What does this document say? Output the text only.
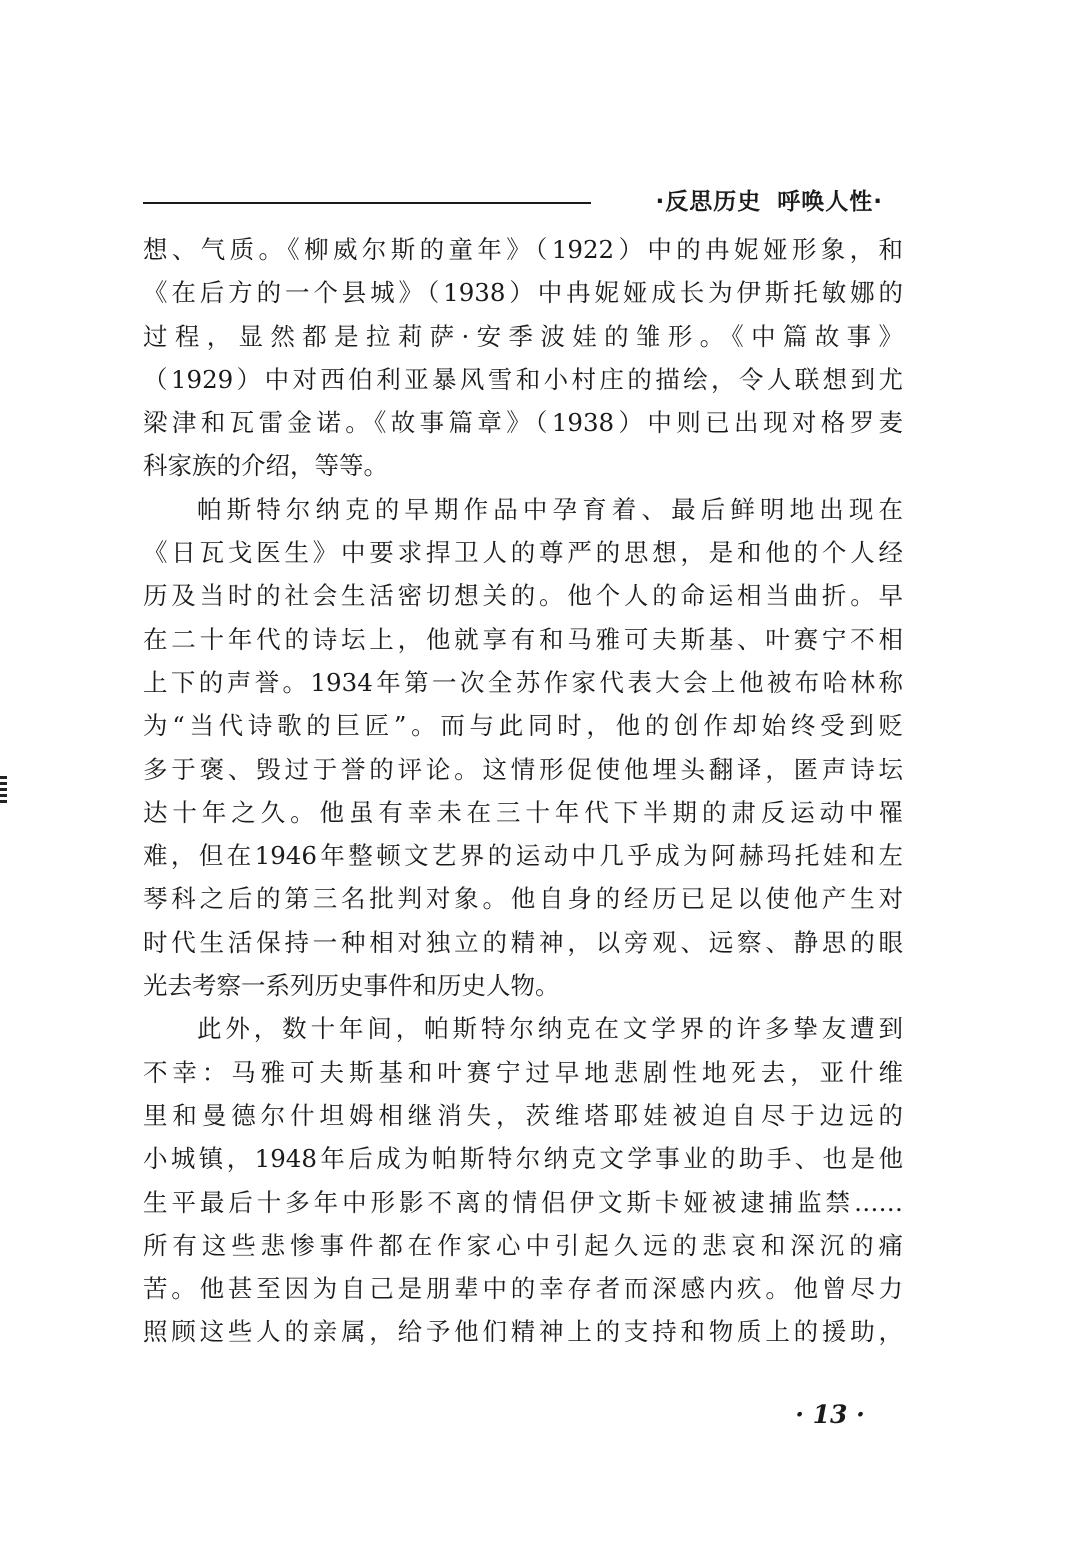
·反思历史 呼唤人性·
想、气质。《柳威尔斯的童年》（1922）中的冉妮娅形象，和
《在后方的一个县城》（1938）中冉妮娅成长为伊斯托敏娜的
过程，显然都是拉莉萨·安季波娃的雏形。《中篇故事》
（1929）中对西伯利亚暴风雪和小村庄的描绘，令人联想到尤
梁津和瓦雷金诺。《故事篇章》（1938）中则已出现对格罗麦
科家族的介绍，等等。
帕斯特尔纳克的早期作品中孕育着、最后鲜明地出现在
《日瓦戈医生》中要求捍卫人的尊严的思想，是和他的个人经
历及当时的社会生活密切想关的。他个人的命运相当曲折。早
在二十年代的诗坛上，他就享有和马雅可夫斯基、叶赛宁不相
上下的声誉。1934年第一次全苏作家代表大会上他被布哈林称
为“当代诗歌的巨匠”。而与此同时，他的创作却始终受到贬
多于褒、毁过于誉的评论。这情形促使他埋头翻译，匿声诗坛
达十年之久。他虽有幸未在三十年代下半期的肃反运动中罹
难，但在1946年整顿文艺界的运动中几乎成为阿赫玛托娃和左
琴科之后的第三名批判对象。他自身的经历已足以使他产生对
时代生活保持一种相对独立的精神，以旁观、远察、静思的眼
光去考察一系列历史事件和历史人物。
此外，数十年间，帕斯特尔纳克在文学界的许多挚友遭到
不幸：马雅可夫斯基和叶赛宁过早地悲剧性地死去，亚什维
里和曼德尔什坦姆相继消失，茨维塔耶娃被迫自尽于边远的
小城镇，1948年后成为帕斯特尔纳克文学事业的助手、也是他
生平最后十多年中形影不离的情侣伊文斯卡娅被逮捕监禁……
所有这些悲惨事件都在作家心中引起久远的悲哀和深沉的痛
苦。他甚至因为自己是朋辈中的幸存者而深感内疚。他曾尽力
照顾这些人的亲属，给予他们精神上的支持和物质上的援助，
· 13 ·
